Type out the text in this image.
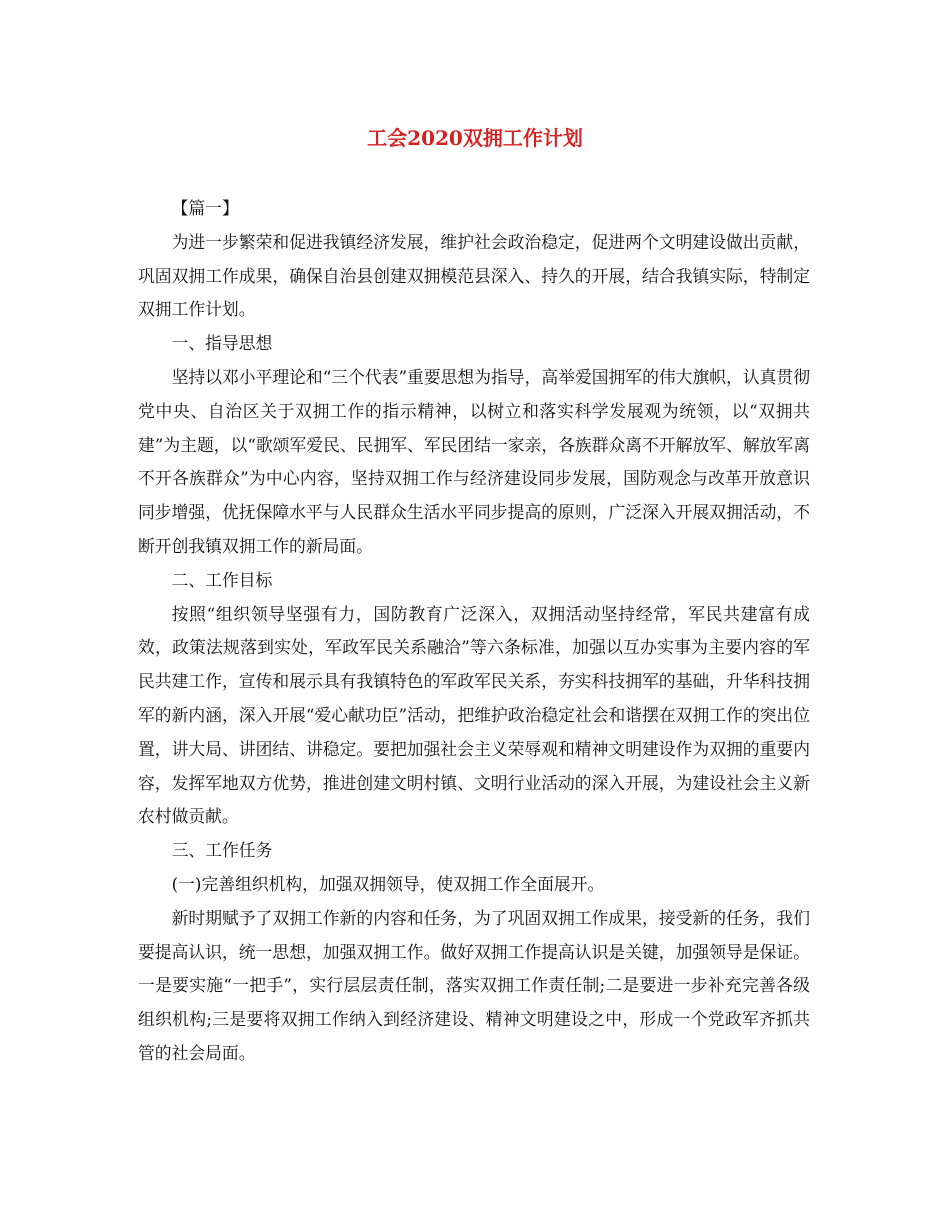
工会2020双拥工作计划

【篇一】

为进一步繁荣和促进我镇经济发展，维护社会政治稳定，促进两个文明建设做出贡献，巩固双拥工作成果，确保自治县创建双拥模范县深入、持久的开展，结合我镇实际，特制定双拥工作计划。

一、指导思想

坚持以邓小平理论和“三个代表”重要思想为指导，高举爱国拥军的伟大旗帜，认真贯彻党中央、自治区关于双拥工作的指示精神，以树立和落实科学发展观为统领，以“双拥共建”为主题，以“歌颂军爱民、民拥军、军民团结一家亲，各族群众离不开解放军、解放军离不开各族群众”为中心内容，坚持双拥工作与经济建设同步发展，国防观念与改革开放意识同步增强，优抚保障水平与人民群众生活水平同步提高的原则，广泛深入开展双拥活动，不断开创我镇双拥工作的新局面。

二、工作目标

按照“组织领导坚强有力，国防教育广泛深入，双拥活动坚持经常，军民共建富有成效，政策法规落到实处，军政军民关系融洽”等六条标准，加强以互办实事为主要内容的军民共建工作，宣传和展示具有我镇特色的军政军民关系，夯实科技拥军的基础，升华科技拥军的新内涵，深入开展“爱心献功臣”活动，把维护政治稳定社会和谐摆在双拥工作的突出位置，讲大局、讲团结、讲稳定。要把加强社会主义荣辱观和精神文明建设作为双拥的重要内容，发挥军地双方优势，推进创建文明村镇、文明行业活动的深入开展，为建设社会主义新农村做贡献。

三、工作任务

(一)完善组织机构，加强双拥领导，使双拥工作全面展开。

新时期赋予了双拥工作新的内容和任务，为了巩固双拥工作成果，接受新的任务，我们要提高认识，统一思想，加强双拥工作。做好双拥工作提高认识是关键，加强领导是保证。一是要实施“一把手”，实行层层责任制，落实双拥工作责任制;二是要进一步补充完善各级组织机构;三是要将双拥工作纳入到经济建设、精神文明建设之中，形成一个党政军齐抓共管的社会局面。
